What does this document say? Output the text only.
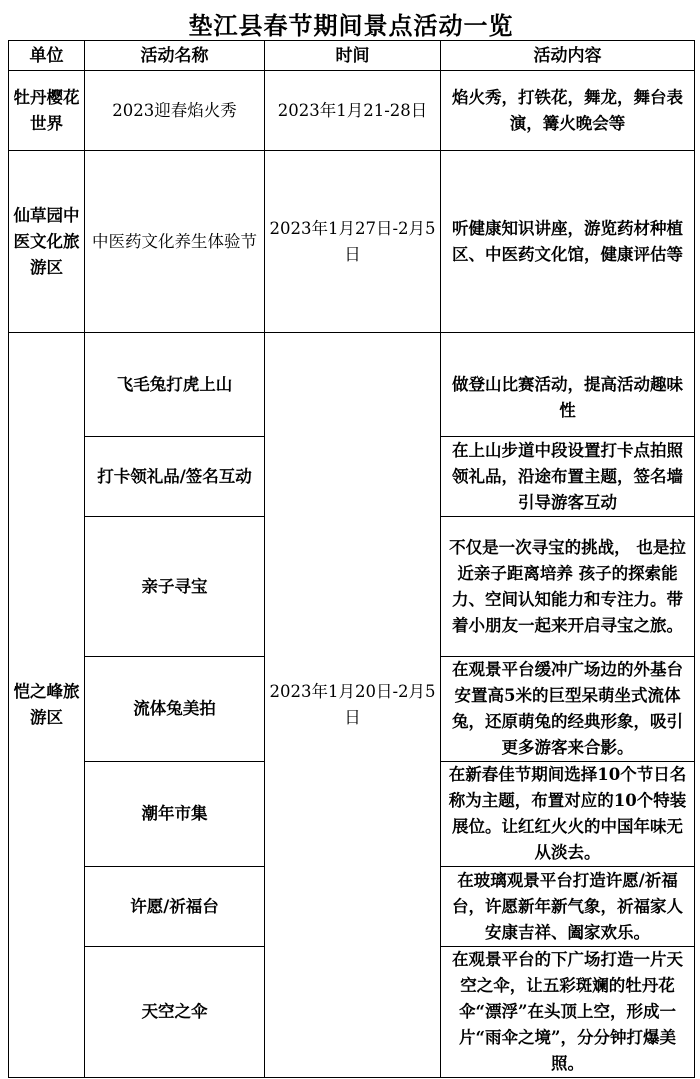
垫江县春节期间景点活动一览
单位	活动名称	时间	活动内容
牡丹樱花世界	2023迎春焰火秀	2023年1月21-28日	焰火秀，打铁花，舞龙，舞台表演，篝火晚会等
仙草园中医文化旅游区	中医药文化养生体验节	2023年1月27日-2月5日	听健康知识讲座，游览药材种植区、中医药文化馆，健康评估等
恺之峰旅游区	飞毛兔打虎上山	2023年1月20日-2月5日	做登山比赛活动，提高活动趣味性
	打卡领礼品/签名互动		在上山步道中段设置打卡点拍照领礼品，沿途布置主题，签名墙引导游客互动
	亲子寻宝		不仅是一次寻宝的挑战， 也是拉近亲子距离培养 孩子的探索能力、空间认知能力和专注力。带着小朋友一起来开启寻宝之旅。
	流体兔美拍		在观景平台缓冲广场边的外基台安置高5米的巨型呆萌坐式流体兔，还原萌兔的经典形象，吸引更多游客来合影。
	潮年市集		在新春佳节期间选择10个节日名称为主题，布置对应的10个特装展位。让红红火火的中国年味无从淡去。
	许愿/祈福台		在玻璃观景平台打造许愿/祈福台，许愿新年新气象，祈福家人安康吉祥、阖家欢乐。
	天空之伞		在观景平台的下广场打造一片天空之伞，让五彩斑斓的牡丹花伞“漂浮”在头顶上空，形成一片“雨伞之境”，分分钟打爆美照。
